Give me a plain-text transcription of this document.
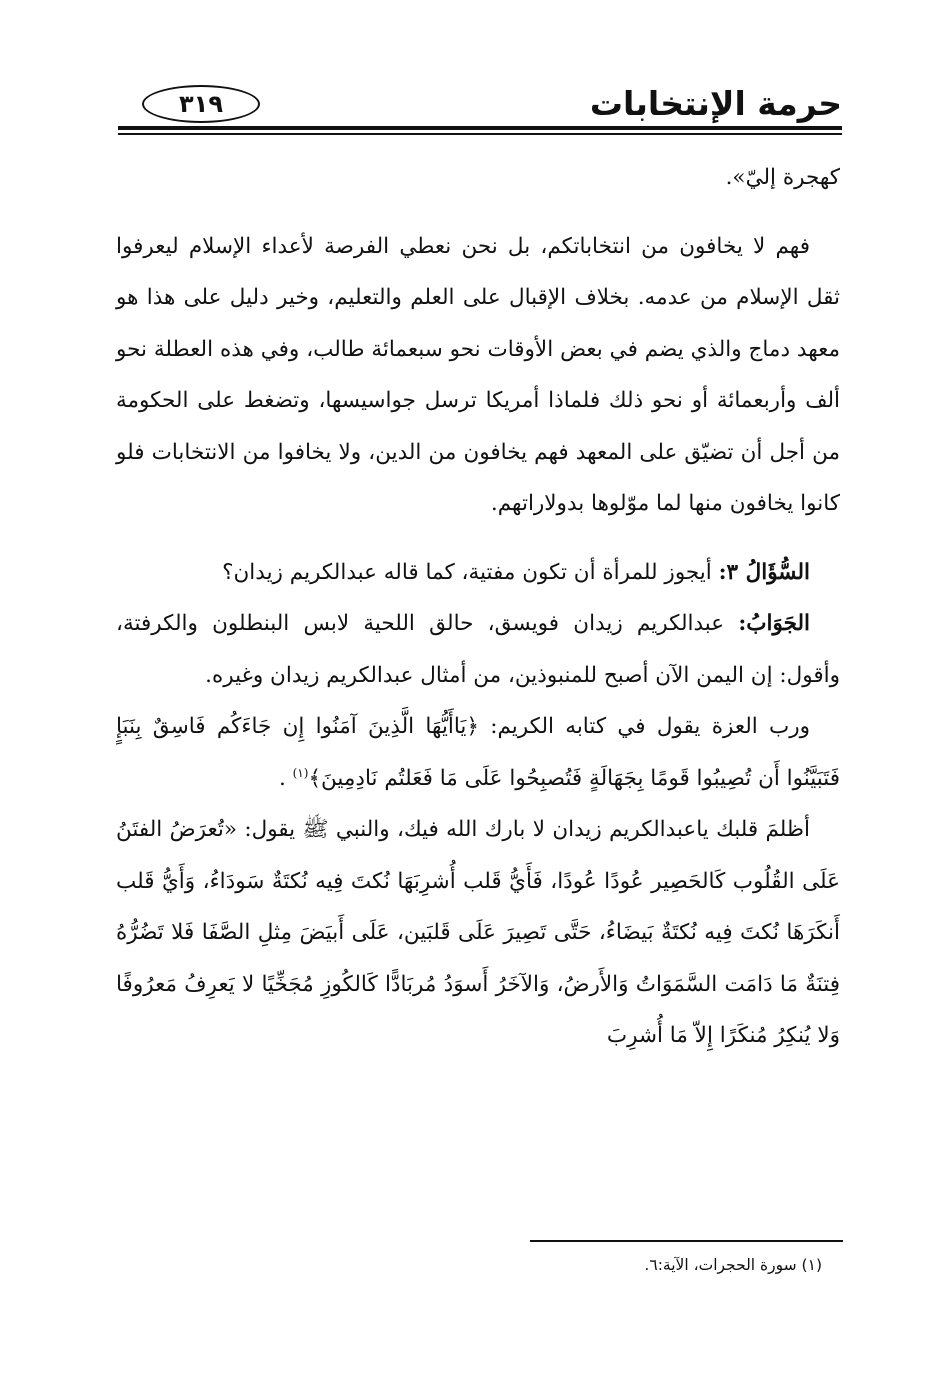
حرمة الإنتخابات
٣١٩

كهجرة إليّ».

فهم لا يخافون من انتخاباتكم، بل نحن نعطي الفرصة لأعداء الإسلام ليعرفوا ثقل الإسلام من عدمه. بخلاف الإقبال على العلم والتعليم، وخير دليل على هذا هو معهد دماج والذي يضم في بعض الأوقات نحو سبعمائة طالب، وفي هذه العطلة نحو ألف وأربعمائة أو نحو ذلك فلماذا أمريكا ترسل جواسيسها، وتضغط على الحكومة من أجل أن تضيّق على المعهد فهم يخافون من الدين، ولا يخافوا من الانتخابات فلو كانوا يخافون منها لما موّلوها بدولاراتهم.

السُّؤَالُ ٣: أيجوز للمرأة أن تكون مفتية، كما قاله عبدالكريم زيدان؟

الجَوَابُ: عبدالكريم زيدان فويسق، حالق اللحية لابس البنطلون والكرفتة، وأقول: إن اليمن الآن أصبح للمنبوذين، من أمثال عبدالكريم زيدان وغيره.

ورب العزة يقول في كتابه الكريم: ﴿يَاأَيُّهَا الَّذِينَ آمَنُوا إِن جَاءَكُم فَاسِقٌ بِنَبَإٍ فَتَبَيَّنُوا أَن تُصِيبُوا قَومًا بِجَهَالَةٍ فَتُصبِحُوا عَلَى مَا فَعَلتُم نَادِمِينَ﴾$^{(١)}$ .

أظلمَ قلبك ياعبدالكريم زيدان لا بارك الله فيك، والنبي ﷺ يقول: «تُعرَضُ الفتَنُ عَلَى القُلُوب كَالحَصِير عُودًا عُودًا، فَأَيُّ قَلب أُشرِبَهَا نُكتَ فِيه نُكتَةٌ سَودَاءُ، وَأَيُّ قَلب أَنكَرَهَا نُكتَ فِيه نُكتَةٌ بَيضَاءُ، حَتَّى تَصِيرَ عَلَى قَلبَين، عَلَى أَبيَضَ مِثلِ الصَّفَا فَلا تَضُرُّهُ فِتنَةٌ مَا دَامَت السَّمَوَاتُ وَالأَرضُ، وَالآخَرُ أَسوَدُ مُربَادًّا كَالكُوزِ مُجَخِّيًا لا يَعرِفُ مَعرُوفًا وَلا يُنكِرُ مُنكَرًا إِلاّ مَا أُشرِبَ

(١) سورة الحجرات، الآية:٦.
